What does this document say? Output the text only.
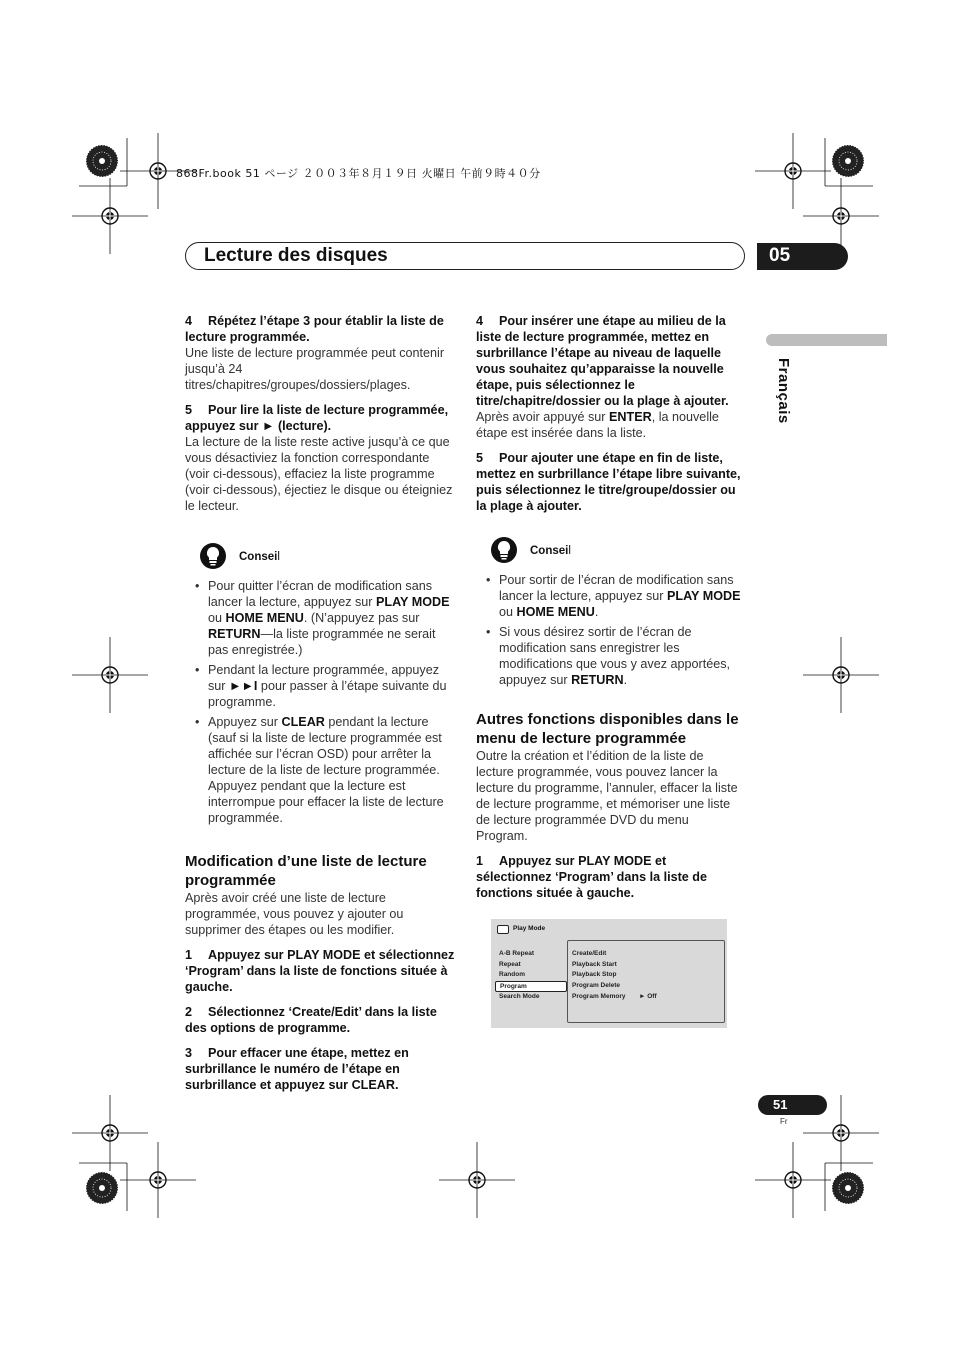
868Fr.book 51 ページ ２００３年８月１９日 火曜日 午前９時４０分
Lecture des disques	05
Français

4 Répétez l’étape 3 pour établir la liste de lecture programmée.

Une liste de lecture programmée peut contenir jusqu’à 24 titres/chapitres/groupes/dossiers/plages.

5 Pour lire la liste de lecture programmée, appuyez sur ► (lecture).

La lecture de la liste reste active jusqu’à ce que vous désactiviez la fonction correspondante (voir ci-dessous), effaciez la liste programme (voir ci-dessous), éjectiez le disque ou éteigniez le lecteur.

Conseil
• Pour quitter l’écran de modification sans lancer la lecture, appuyez sur PLAY MODE ou HOME MENU. (N’appuyez pas sur RETURN—la liste programmée ne serait pas enregistrée.)
• Pendant la lecture programmée, appuyez sur ►►I pour passer à l’étape suivante du programme.
• Appuyez sur CLEAR pendant la lecture (sauf si la liste de lecture programmée est affichée sur l’écran OSD) pour arrêter la lecture de la liste de lecture programmée. Appuyez pendant que la lecture est interrompue pour effacer la liste de lecture programmée.

Modification d’une liste de lecture programmée

Après avoir créé une liste de lecture programmée, vous pouvez y ajouter ou supprimer des étapes ou les modifier.

1 Appuyez sur PLAY MODE et sélectionnez ‘Program’ dans la liste de fonctions située à gauche.

2 Sélectionnez ‘Create/Edit’ dans la liste des options de programme.

3 Pour effacer une étape, mettez en surbrillance le numéro de l’étape en surbrillance et appuyez sur CLEAR.

4 Pour insérer une étape au milieu de la liste de lecture programmée, mettez en surbrillance l’étape au niveau de laquelle vous souhaitez qu’apparaisse la nouvelle étape, puis sélectionnez le titre/chapitre/dossier ou la plage à ajouter.

Après avoir appuyé sur ENTER, la nouvelle étape est insérée dans la liste.

5 Pour ajouter une étape en fin de liste, mettez en surbrillance l’étape libre suivante, puis sélectionnez le titre/groupe/dossier ou la plage à ajouter.

Conseil
• Pour sortir de l’écran de modification sans lancer la lecture, appuyez sur PLAY MODE ou HOME MENU.
• Si vous désirez sortir de l’écran de modification sans enregistrer les modifications que vous y avez apportées, appuyez sur RETURN.

Autres fonctions disponibles dans le menu de lecture programmée

Outre la création et l’édition de la liste de lecture programmée, vous pouvez lancer la lecture du programme, l’annuler, effacer la liste de lecture programme, et mémoriser une liste de lecture programmée DVD du menu Program.

1 Appuyez sur PLAY MODE et sélectionnez ‘Program’ dans la liste de fonctions située à gauche.

Play Mode
A-B Repeat
Repeat
Random
Program
Search Mode
Create/Edit
Playback Start
Playback Stop
Program Delete
Program Memory ► Off
51
Fr
